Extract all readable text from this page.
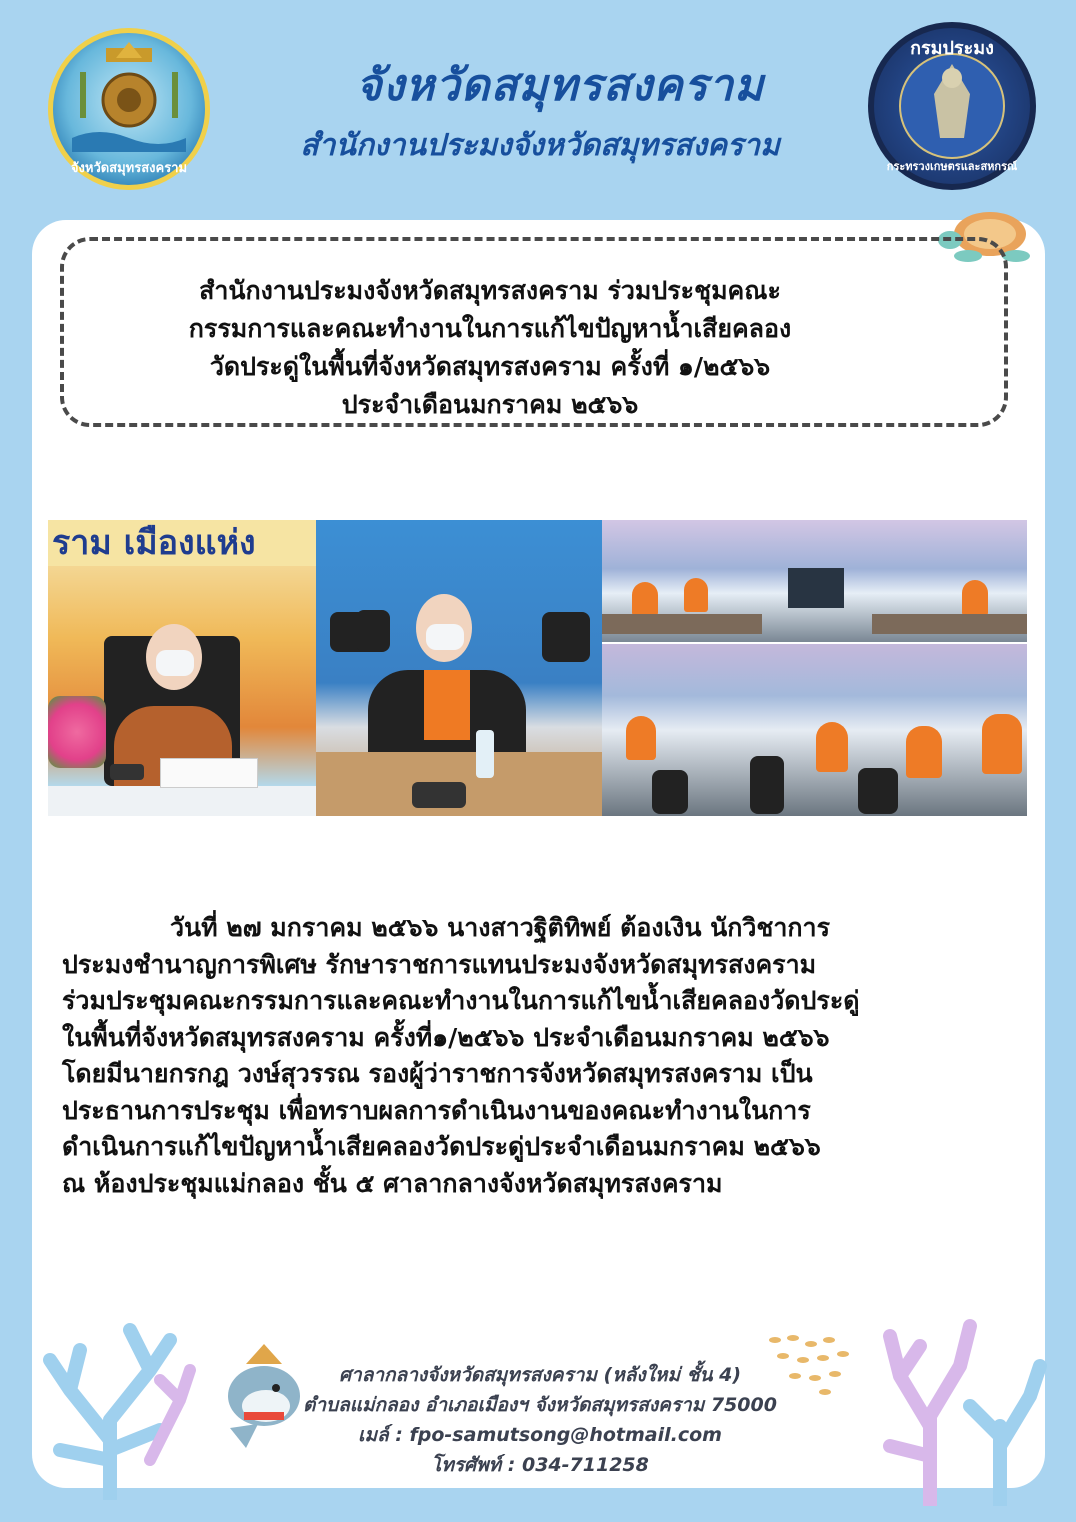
จังหวัดสมุทรสงคราม
จังหวัดสมุทรสงคราม
สำนักงานประมงจังหวัดสมุทรสงคราม
กรมประมง
กระทรวงเกษตรและสหกรณ์
สำนักงานประมงจังหวัดสมุทรสงคราม ร่วมประชุมคณะ
กรรมการและคณะทำงานในการแก้ไขปัญหาน้ำเสียคลอง
วัดประดู่ในพื้นที่จังหวัดสมุทรสงคราม ครั้งที่ ๑/๒๕๖๖
ประจำเดือนมกราคม ๒๕๖๖
ราม เมืองแห่ง
วันที่ ๒๗ มกราคม ๒๕๖๖ นางสาวฐิติทิพย์ ต้องเงิน นักวิชาการ
ประมงชำนาญการพิเศษ รักษาราชการแทนประมงจังหวัดสมุทรสงคราม
ร่วมประชุมคณะกรรมการและคณะทำงานในการแก้ไขน้ำเสียคลองวัดประดู่
ในพื้นที่จังหวัดสมุทรสงคราม ครั้งที่๑/๒๕๖๖ ประจำเดือนมกราคม ๒๕๖๖
โดยมีนายกรกฎ วงษ์สุวรรณ รองผู้ว่าราชการจังหวัดสมุทรสงคราม เป็น
ประธานการประชุม เพื่อทราบผลการดำเนินงานของคณะทำงานในการ
ดำเนินการแก้ไขปัญหาน้ำเสียคลองวัดประดู่ประจำเดือนมกราคม ๒๕๖๖
ณ ห้องประชุมแม่กลอง ชั้น ๕ ศาลากลางจังหวัดสมุทรสงคราม
ศาลากลางจังหวัดสมุทรสงคราม (หลังใหม่ ชั้น 4)
ตำบลแม่กลอง อำเภอเมืองฯ จังหวัดสมุทรสงคราม 75000
เมล์ : fpo-samutsong@hotmail.com
โทรศัพท์ : 034-711258
